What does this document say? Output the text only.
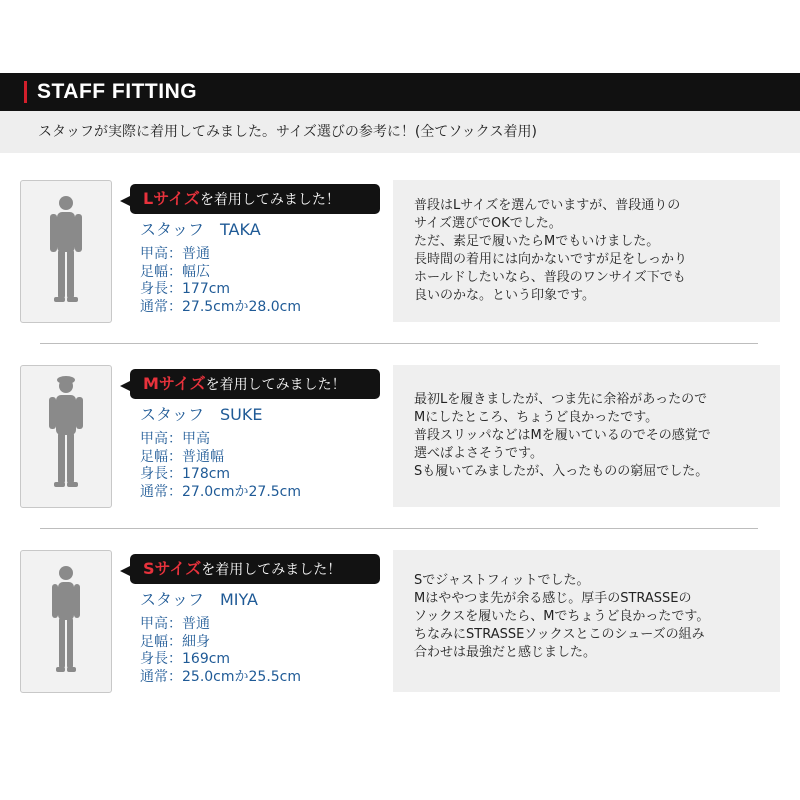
STAFF FITTING
スタッフが実際に着用してみました。サイズ選びの参考に！(全てソックス着用)
Lサイズを着用してみました！
スタッフ　TAKA
甲高：普通
足幅：幅広
身長：177cm
通常：27.5cmか28.0cm
普段はLサイズを選んでいますが、普段通りの
サイズ選びでOKでした。
ただ、素足で履いたらMでもいけました。
長時間の着用には向かないですが足をしっかり
ホールドしたいなら、普段のワンサイズ下でも
良いのかな。という印象です。
Mサイズを着用してみました！
スタッフ　SUKE
甲高：甲高
足幅：普通幅
身長：178cm
通常：27.0cmか27.5cm
最初Lを履きましたが、つま先に余裕があったので
Mにしたところ、ちょうど良かったです。
普段スリッパなどはMを履いているのでその感覚で
選べばよさそうです。
Sも履いてみましたが、入ったものの窮屈でした。
Sサイズを着用してみました！
スタッフ　MIYA
甲高：普通
足幅：細身
身長：169cm
通常：25.0cmか25.5cm
Sでジャストフィットでした。
Mはややつま先が余る感じ。厚手のSTRASSEの
ソックスを履いたら、Mでちょうど良かったです。
ちなみにSTRASSEソックスとこのシューズの組み
合わせは最強だと感じました。
